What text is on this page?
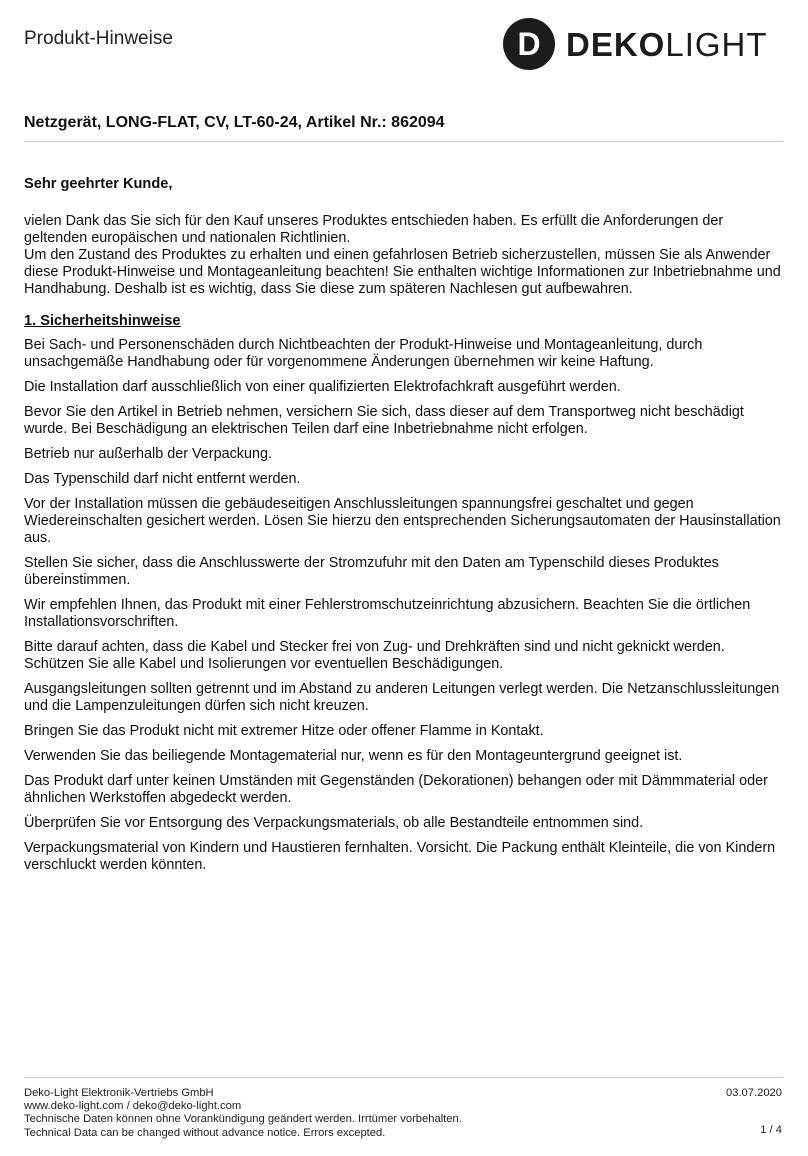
Produkt-Hinweise	D DEKOLIGHT
Netzgerät, LONG-FLAT, CV, LT-60-24, Artikel Nr.: 862094

Sehr geehrter Kunde,

vielen Dank das Sie sich für den Kauf unseres Produktes entschieden haben. Es erfüllt die Anforderungen der geltenden europäischen und nationalen Richtlinien.
Um den Zustand des Produktes zu erhalten und einen gefahrlosen Betrieb sicherzustellen, müssen Sie als Anwender diese Produkt-Hinweise und Montageanleitung beachten! Sie enthalten wichtige Informationen zur Inbetriebnahme und Handhabung. Deshalb ist es wichtig, dass Sie diese zum späteren Nachlesen gut aufbewahren.

1. Sicherheitshinweise

Bei Sach- und Personenschäden durch Nichtbeachten der Produkt-Hinweise und Montageanleitung, durch unsachgemäße Handhabung oder für vorgenommene Änderungen übernehmen wir keine Haftung.

Die Installation darf ausschließlich von einer qualifizierten Elektrofachkraft ausgeführt werden.

Bevor Sie den Artikel in Betrieb nehmen, versichern Sie sich, dass dieser auf dem Transportweg nicht beschädigt wurde. Bei Beschädigung an elektrischen Teilen darf eine Inbetriebnahme nicht erfolgen.

Betrieb nur außerhalb der Verpackung.

Das Typenschild darf nicht entfernt werden.

Vor der Installation müssen die gebäudeseitigen Anschlussleitungen spannungsfrei geschaltet und gegen Wiedereinschalten gesichert werden. Lösen Sie hierzu den entsprechenden Sicherungsautomaten der Hausinstallation aus.

Stellen Sie sicher, dass die Anschlusswerte der Stromzufuhr mit den Daten am Typenschild dieses Produktes übereinstimmen.

Wir empfehlen Ihnen, das Produkt mit einer Fehlerstromschutzeinrichtung abzusichern. Beachten Sie die örtlichen Installationsvorschriften.

Bitte darauf achten, dass die Kabel und Stecker frei von Zug- und Drehkräften sind und nicht geknickt werden. Schützen Sie alle Kabel und Isolierungen vor eventuellen Beschädigungen.

Ausgangsleitungen sollten getrennt und im Abstand zu anderen Leitungen verlegt werden. Die Netzanschlussleitungen und die Lampenzuleitungen dürfen sich nicht kreuzen.

Bringen Sie das Produkt nicht mit extremer Hitze oder offener Flamme in Kontakt.

Verwenden Sie das beiliegende Montagematerial nur, wenn es für den Montageuntergrund geeignet ist.

Das Produkt darf unter keinen Umständen mit Gegenständen (Dekorationen) behangen oder mit Dämmmaterial oder ähnlichen Werkstoffen abgedeckt werden.

Überprüfen Sie vor Entsorgung des Verpackungsmaterials, ob alle Bestandteile entnommen sind.

Verpackungsmaterial von Kindern und Haustieren fernhalten. Vorsicht. Die Packung enthält Kleinteile, die von Kindern verschluckt werden könnten.

Deko-Light Elektronik-Vertriebs GmbH
www.deko-light.com / deko@deko-light.com
Technische Daten können ohne Vorankündigung geändert werden. Irrtümer vorbehalten.
Technical Data can be changed without advance notice. Errors excepted.
03.07.2020
1 / 4
